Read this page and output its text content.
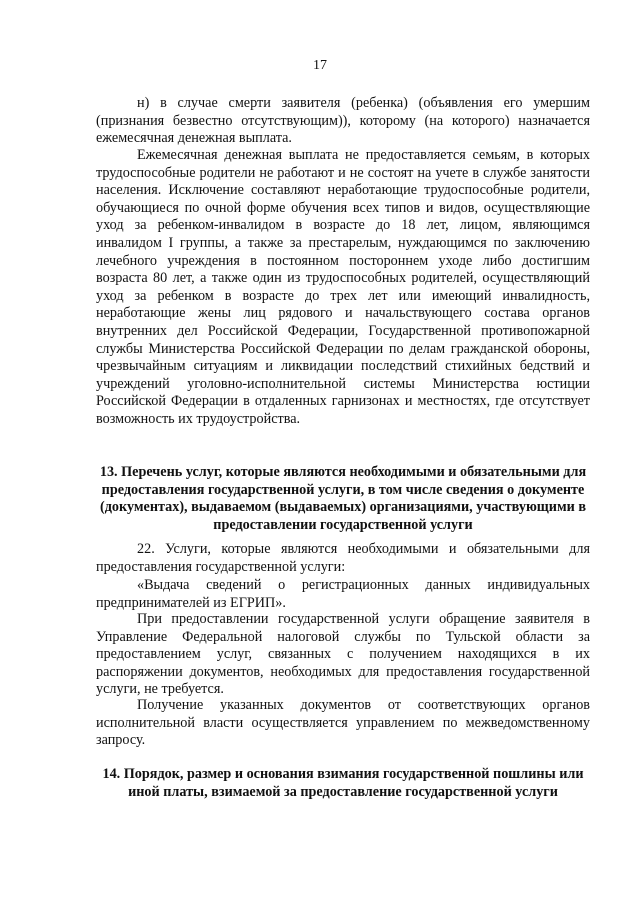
17

н) в случае смерти заявителя (ребенка) (объявления его умершим (признания безвестно отсутствующим)), которому (на которого) назначается ежемесячная денежная выплата.

Ежемесячная денежная выплата не предоставляется семьям, в которых трудоспособные родители не работают и не состоят на учете в службе занятости населения. Исключение составляют неработающие трудоспособные родители, обучающиеся по очной форме обучения всех типов и видов, осуществляющие уход за ребенком-инвалидом в возрасте до 18 лет, лицом, являющимся инвалидом I группы, а также за престарелым, нуждающимся по заключению лечебного учреждения в постоянном постороннем уходе либо достигшим возраста 80 лет, а также один из трудоспособных родителей, осуществляющий уход за ребенком в возрасте до трех лет или имеющий инвалидность, неработающие жены лиц рядового и начальствующего состава органов внутренних дел Российской Федерации, Государственной противопожарной службы Министерства Российской Федерации по делам гражданской обороны, чрезвычайным ситуациям и ликвидации последствий стихийных бедствий и учреждений уголовно-исполнительной системы Министерства юстиции Российской Федерации в отдаленных гарнизонах и местностях, где отсутствует возможность их трудоустройства.

13. Перечень услуг, которые являются необходимыми и обязательными для предоставления государственной услуги, в том числе сведения о документе (документах), выдаваемом (выдаваемых) организациями, участвующими в предоставлении государственной услуги

22. Услуги, которые являются необходимыми и обязательными для предоставления государственной услуги:

«Выдача сведений о регистрационных данных индивидуальных предпринимателей из ЕГРИП».

При предоставлении государственной услуги обращение заявителя в Управление Федеральной налоговой службы по Тульской области за предоставлением услуг, связанных с получением находящихся в их распоряжении документов, необходимых для предоставления государственной услуги, не требуется.

Получение указанных документов от соответствующих органов исполнительной власти осуществляется управлением по межведомственному запросу.

14. Порядок, размер и основания взимания государственной пошлины или иной платы, взимаемой за предоставление государственной услуги
